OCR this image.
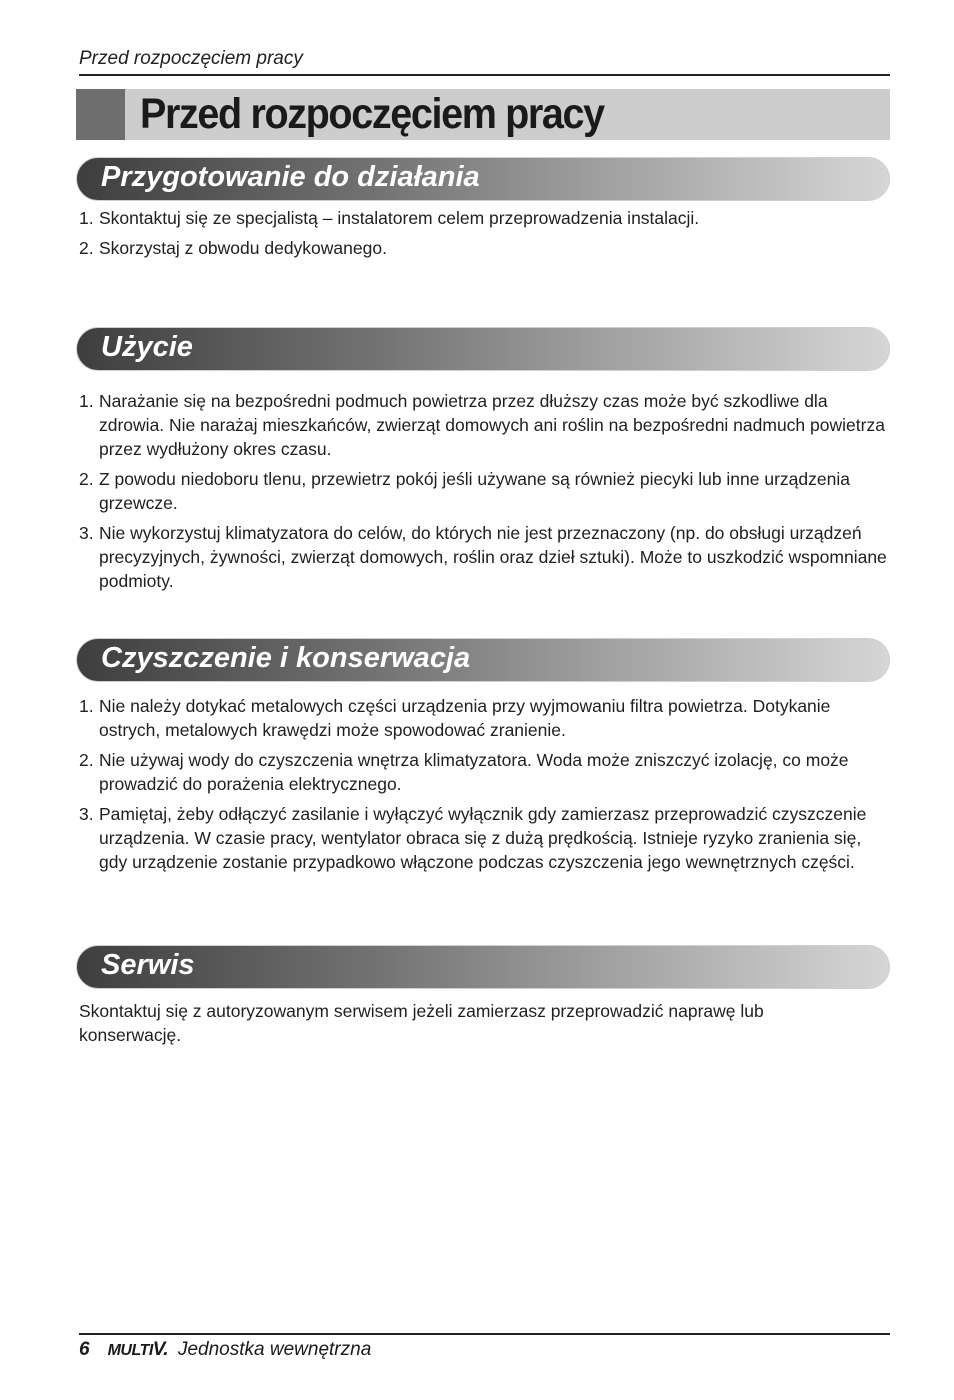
Przed rozpoczęciem pracy
Przed rozpoczęciem pracy
Przygotowanie do działania
1. Skontaktuj się ze specjalistą – instalatorem celem przeprowadzenia instalacji.
2. Skorzystaj z obwodu dedykowanego.
Użycie
1. Narażanie się na bezpośredni podmuch powietrza przez dłuższy czas może być szkodliwe dla zdrowia. Nie narażaj mieszkańców, zwierząt domowych ani roślin na bezpośredni nadmuch powietrza przez wydłużony okres czasu.
2. Z powodu niedoboru tlenu, przewietrz pokój jeśli używane są również piecyki lub inne urządzenia grzewcze.
3. Nie wykorzystuj klimatyzatora do celów, do których nie jest przeznaczony (np. do obsługi urządzeń precyzyjnych, żywności, zwierząt domowych, roślin oraz dzieł sztuki). Może to uszkodzić wspomniane podmioty.
Czyszczenie i konserwacja
1. Nie należy dotykać metalowych części urządzenia przy wyjmowaniu filtra powietrza. Dotykanie ostrych, metalowych krawędzi może spowodować zranienie.
2. Nie używaj wody do czyszczenia wnętrza klimatyzatora. Woda może zniszczyć izolację, co może prowadzić do porażenia elektrycznego.
3. Pamiętaj, żeby odłączyć zasilanie i wyłączyć wyłącznik gdy zamierzasz przeprowadzić czyszczenie urządzenia. W czasie pracy, wentylator obraca się z dużą prędkością. Istnieje ryzyko zranienia się, gdy urządzenie zostanie przypadkowo włączone podczas czyszczenia jego wewnętrznych części.
Serwis
Skontaktuj się z autoryzowanym serwisem jeżeli zamierzasz przeprowadzić naprawę lub konserwację.
6 MULTIV. Jednostka wewnętrzna
